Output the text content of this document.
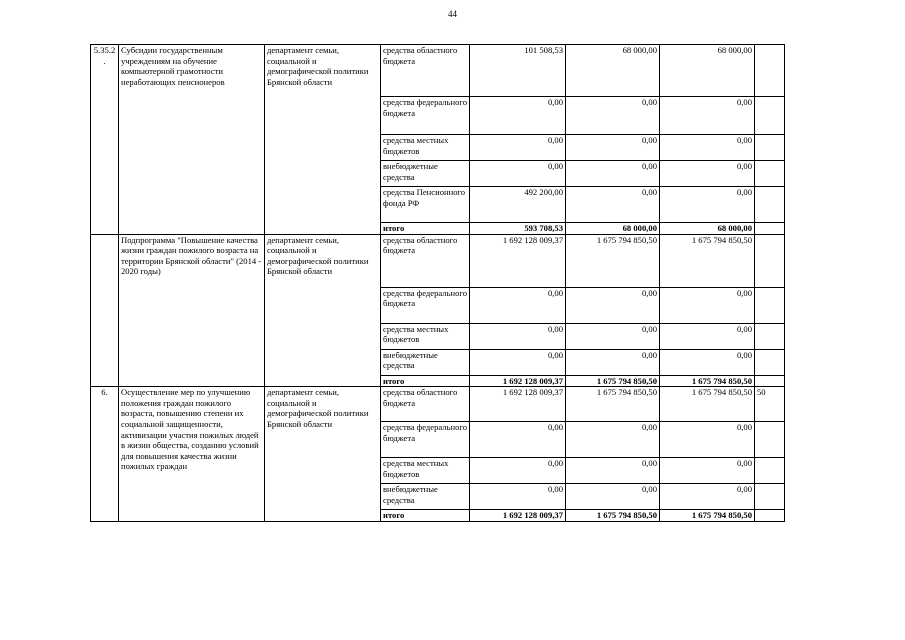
44
5.35.2.	Субсидии государственным учреждениям на обучение компьютерной грамотности неработающих пенсионеров	департамент семьи, социальной и демографической политики Брянской области	средства областного бюджета	101 508,53	68 000,00	68 000,00	
			средства федерального бюджета	0,00	0,00	0,00	
			средства местных бюджетов	0,00	0,00	0,00	
			внебюджетные средства	0,00	0,00	0,00	
			средства Пенсионного фонда РФ	492 200,00	0,00	0,00	
			итого	593 708,53	68 000,00	68 000,00	
	Подпрограмма "Повышение качества жизни граждан пожилого возраста на территории Брянской области" (2014 - 2020 годы)	департамент семьи, социальной и демографической политики Брянской области	средства областного бюджета	1 692 128 009,37	1 675 794 850,50	1 675 794 850,50	
			средства федерального бюджета	0,00	0,00	0,00	
			средства местных бюджетов	0,00	0,00	0,00	
			внебюджетные средства	0,00	0,00	0,00	
			итого	1 692 128 009,37	1 675 794 850,50	1 675 794 850,50	
6.	Осуществление мер по улучшению положения граждан пожилого возраста, повышению степени их социальной защищенности, активизации участия пожилых людей в жизни общества, созданию условий для повышения качества жизни пожилых граждан	департамент семьи, социальной и демографической политики Брянской области	средства областного бюджета	1 692 128 009,37	1 675 794 850,50	1 675 794 850,50	50
			средства федерального бюджета	0,00	0,00	0,00	
			средства местных бюджетов	0,00	0,00	0,00	
			внебюджетные средства	0,00	0,00	0,00	
			итого	1 692 128 009,37	1 675 794 850,50	1 675 794 850,50	
